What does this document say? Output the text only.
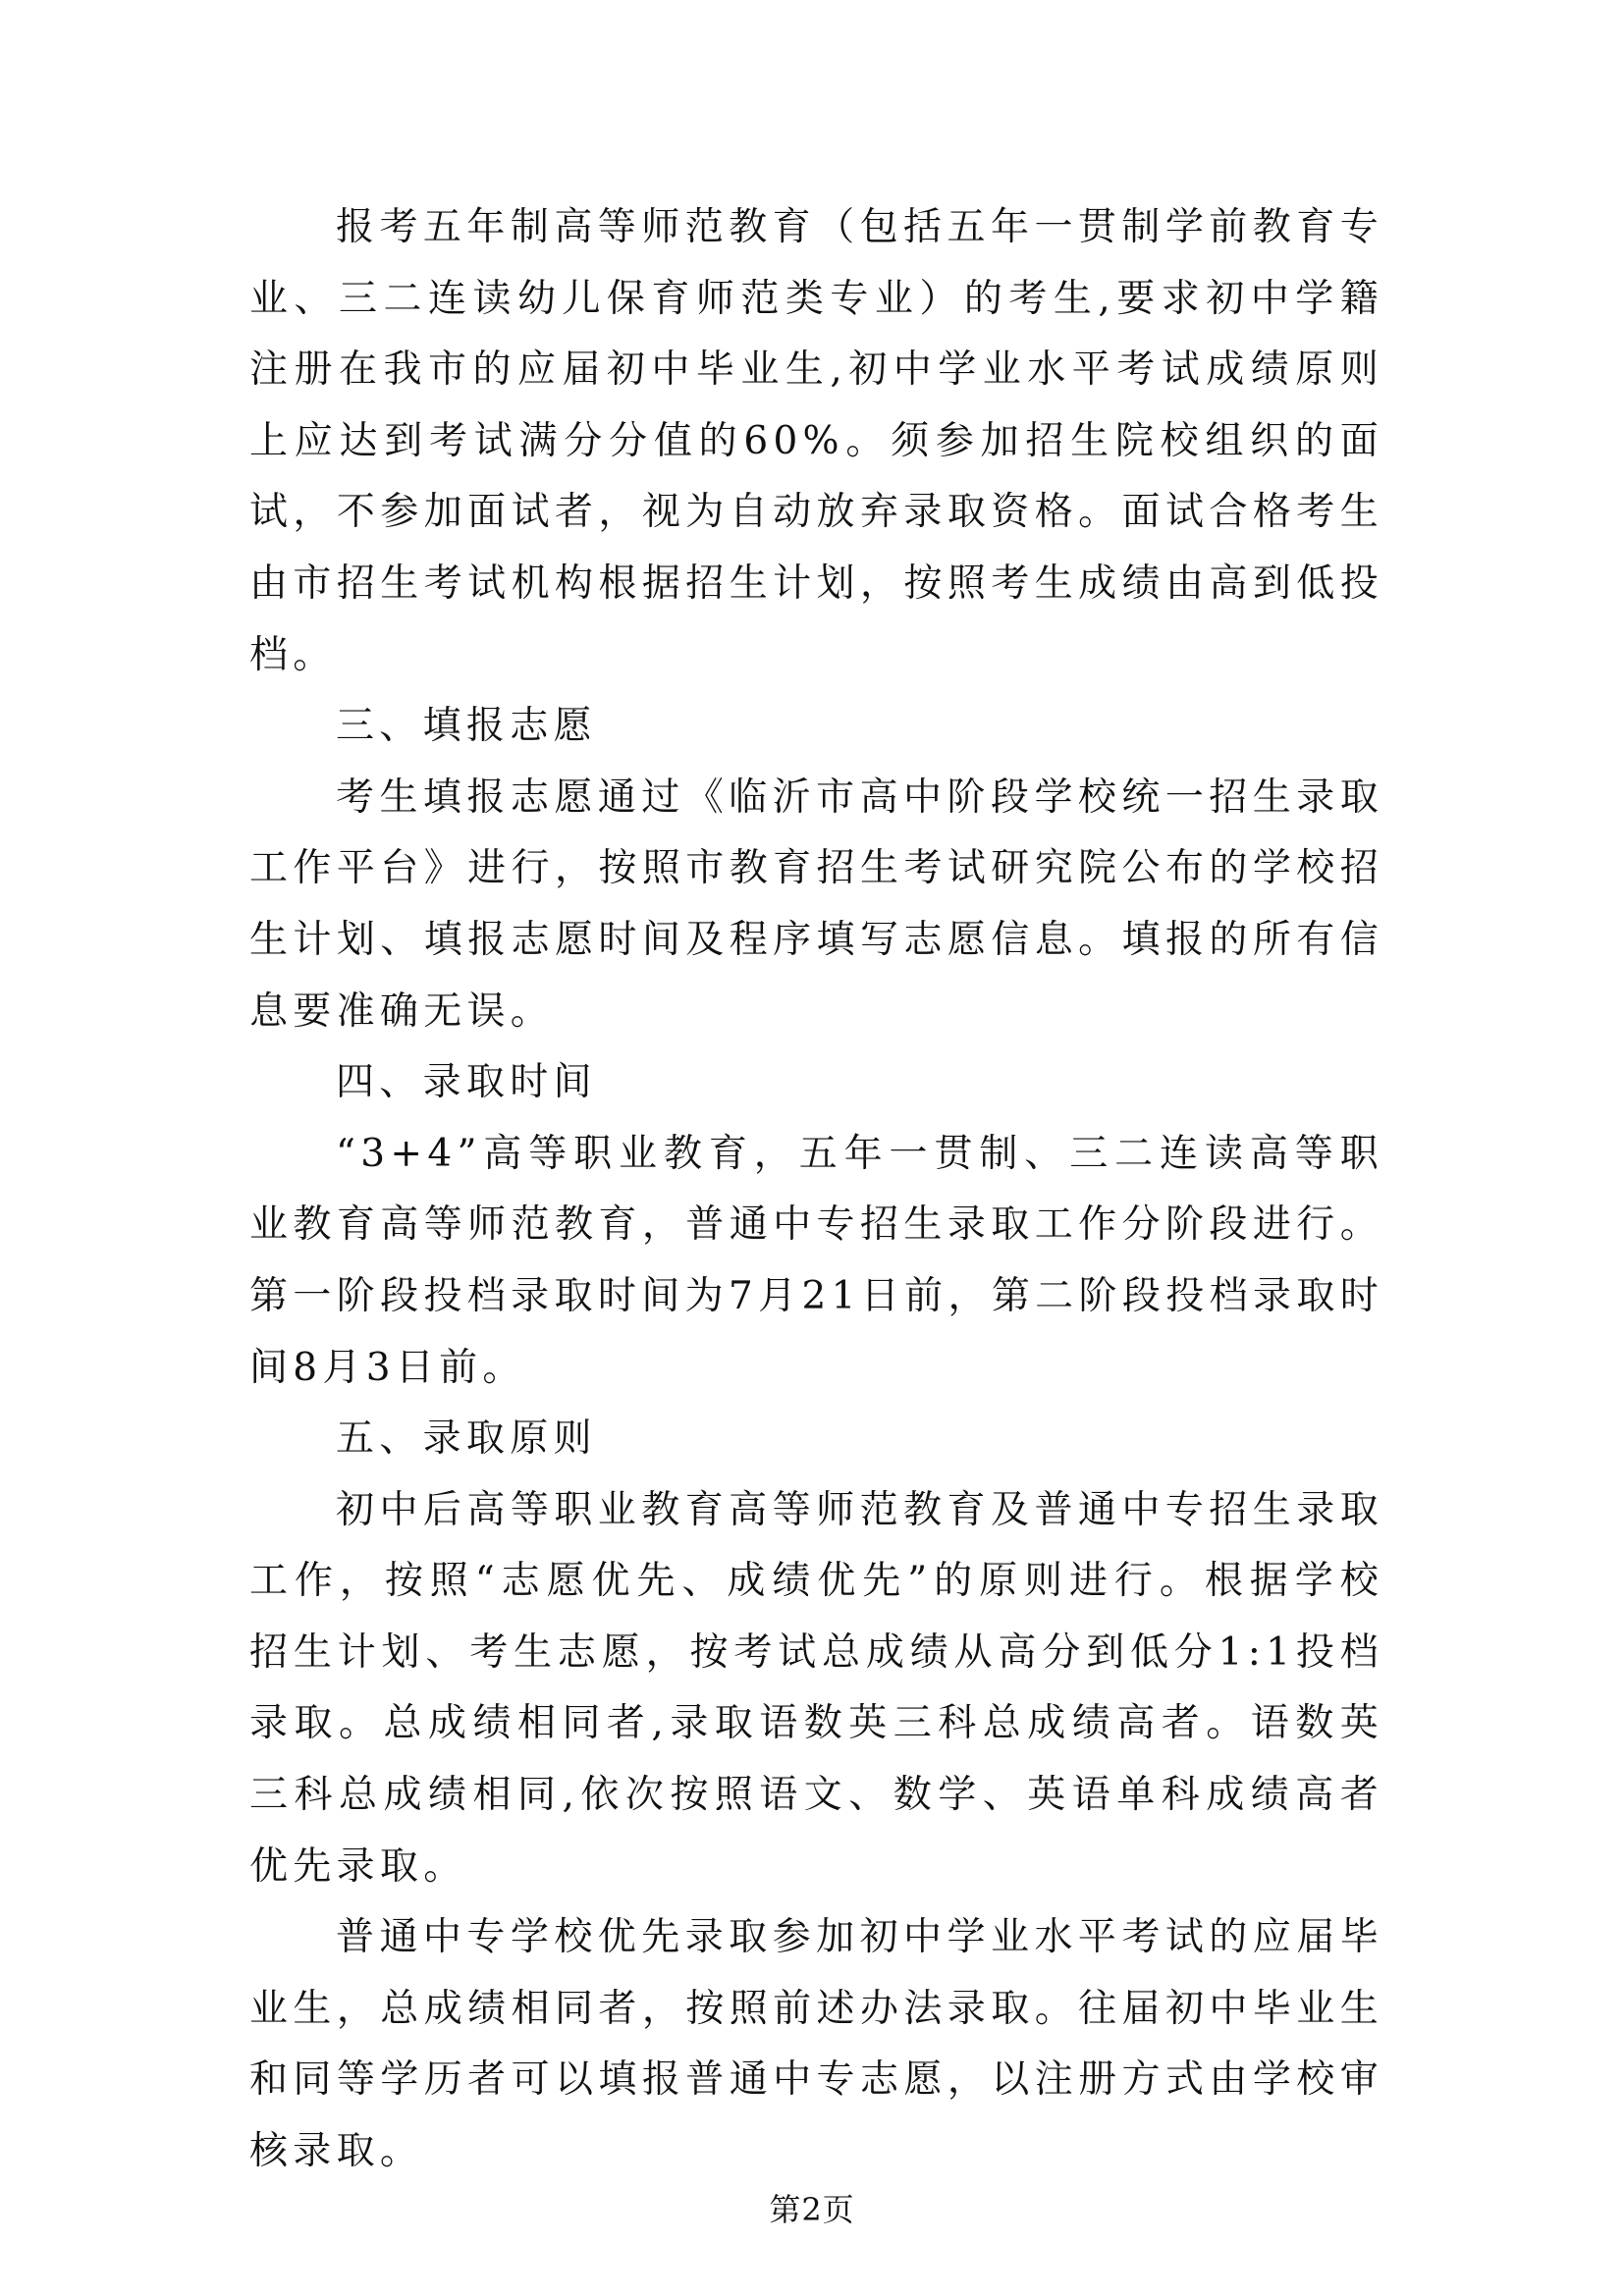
报考五年制高等师范教育（包括五年一贯制学前教育专业、三二连读幼儿保育师范类专业）的考生,要求初中学籍注册在我市的应届初中毕业生,初中学业水平考试成绩原则上应达到考试满分分值的60%。须参加招生院校组织的面试，不参加面试者，视为自动放弃录取资格。面试合格考生由市招生考试机构根据招生计划，按照考生成绩由高到低投档。

三、填报志愿

考生填报志愿通过《临沂市高中阶段学校统一招生录取工作平台》进行，按照市教育招生考试研究院公布的学校招生计划、填报志愿时间及程序填写志愿信息。填报的所有信息要准确无误。

四、录取时间

“3+4”高等职业教育，五年一贯制、三二连读高等职业教育高等师范教育，普通中专招生录取工作分阶段进行。第一阶段投档录取时间为7月21日前，第二阶段投档录取时间8月3日前。

五、录取原则

初中后高等职业教育高等师范教育及普通中专招生录取工作，按照“志愿优先、成绩优先”的原则进行。根据学校招生计划、考生志愿，按考试总成绩从高分到低分1:1投档录取。总成绩相同者,录取语数英三科总成绩高者。语数英三科总成绩相同,依次按照语文、数学、英语单科成绩高者优先录取。

普通中专学校优先录取参加初中学业水平考试的应届毕业生，总成绩相同者，按照前述办法录取。往届初中毕业生和同等学历者可以填报普通中专志愿，以注册方式由学校审核录取。

第2页
